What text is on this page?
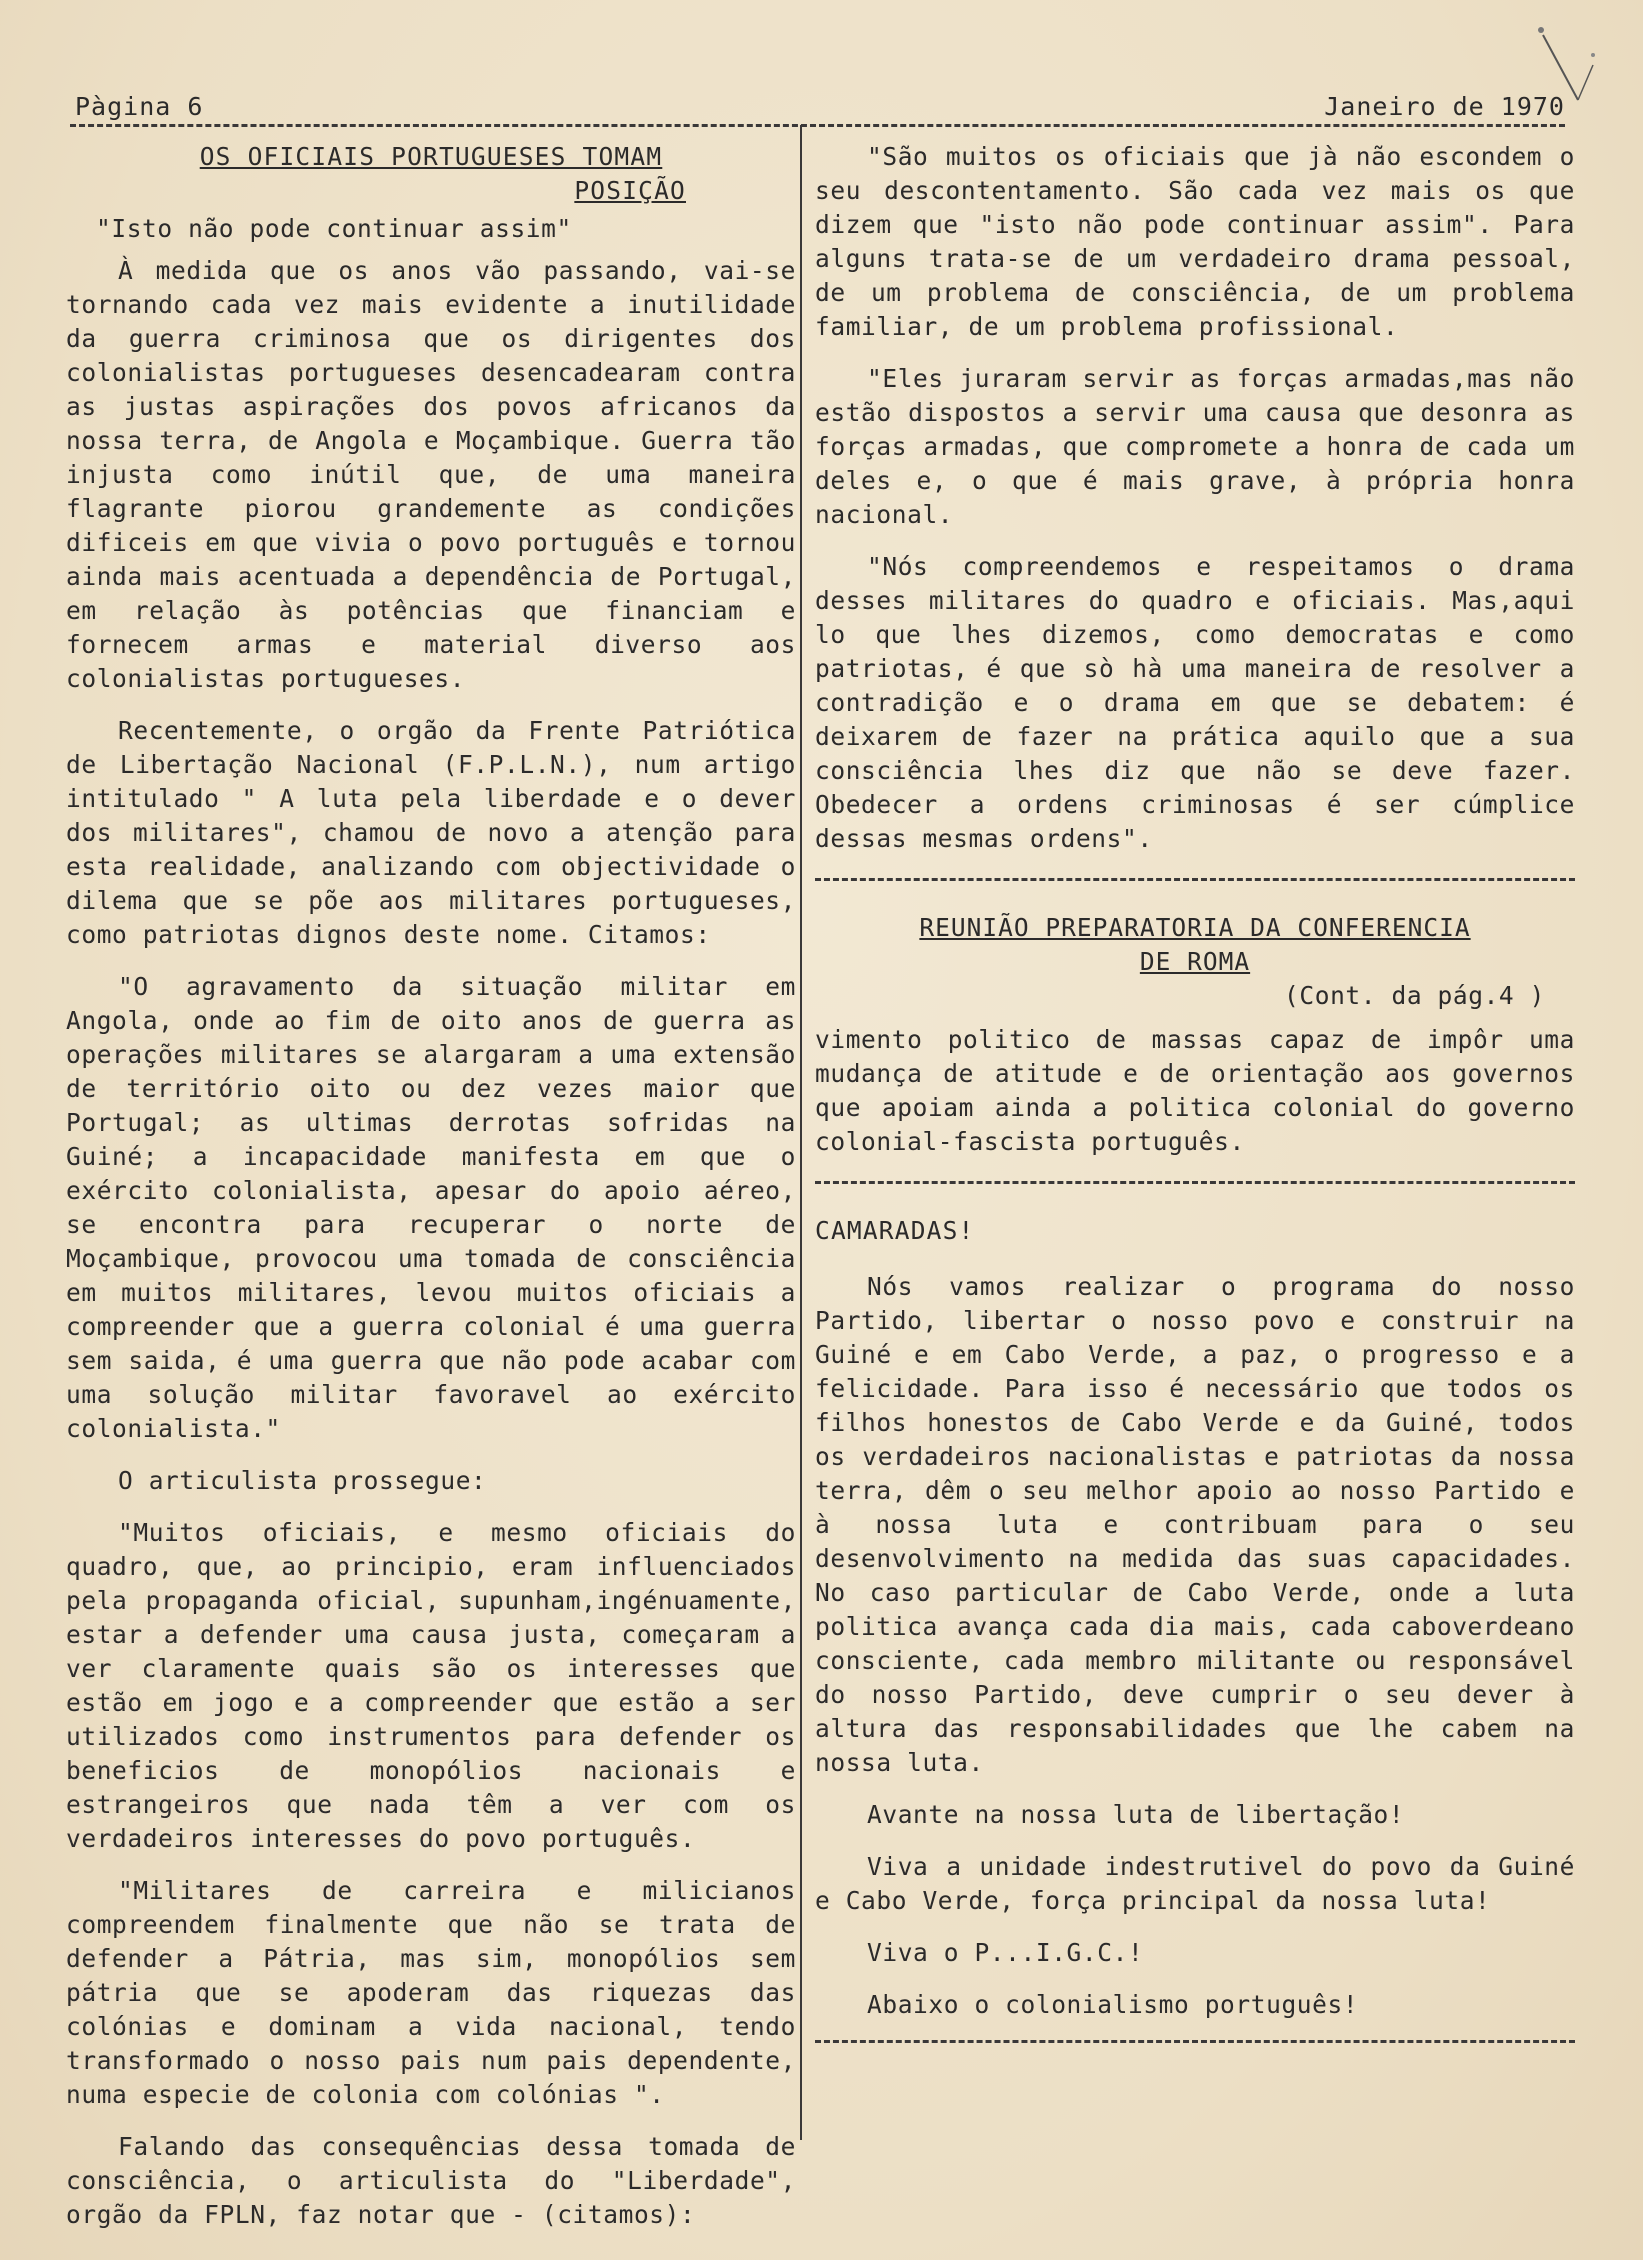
Pàgina 6	Janeiro de 1970
OS OFICIAIS PORTUGUESES TOMAM
POSIÇÃO

"Isto não pode continuar assim"

À medida que os anos vão passando, vai-se tornando cada vez mais evidente a inutilidade da guerra criminosa que os dirigentes dos colonialistas portugueses desencadearam contra as justas aspirações dos povos africanos da nossa terra, de Angola e Moçambique. Guerra tão injusta como inútil que, de uma maneira flagrante piorou grandemente as condições dificeis em que vivia o povo português e tornou ainda mais acentuada a dependência de Portugal, em relação às potências que financiam e fornecem armas e material diverso aos colonialistas portugueses.

Recentemente, o orgão da Frente Patriótica de Libertação Nacional (F.P.L.N.), num artigo intitulado " A luta pela liberdade e o dever dos militares", chamou de novo a atenção para esta realidade, analizando com objectividade o dilema que se põe aos militares portugueses, como patriotas dignos deste nome. Citamos:

"O agravamento da situação militar em Angola, onde ao fim de oito anos de guerra as operações militares se alargaram a uma extensão de território oito ou dez vezes maior que Portugal; as ultimas derrotas sofridas na Guiné; a incapacidade manifesta em que o exército colonialista, apesar do apoio aéreo, se encontra para recuperar o norte de Moçambique, provocou uma tomada de consciência em muitos militares, levou muitos oficiais a compreender que a guerra colonial é uma guerra sem saida, é uma guerra que não pode acabar com uma solução militar favoravel ao exército colonialista."

O articulista prossegue:

"Muitos oficiais, e mesmo oficiais do quadro, que, ao principio, eram influenciados pela propaganda oficial, supunham,ingénuamente, estar a defender uma causa justa, começaram a ver claramente quais são os interesses que estão em jogo e a compreender que estão a ser utilizados como instrumentos para defender os beneficios de monopólios nacionais e estrangeiros que nada têm a ver com os verdadeiros interesses do povo português.

"Militares de carreira e milicianos compreendem finalmente que não se trata de defender a Pátria, mas sim, monopólios sem pátria que se apoderam das riquezas das colónias e dominam a vida nacional, tendo transformado o nosso pais num pais dependente, numa especie de colonia com colónias ".

Falando das consequências dessa tomada de consciência, o articulista do "Liberdade", orgão da FPLN, faz notar que - (citamos):

"São muitos os oficiais que jà não escondem o seu descontentamento. São cada vez mais os que dizem que "isto não pode continuar assim". Para alguns trata-se de um verdadeiro drama pessoal, de um problema de consciência, de um problema familiar, de um problema profissional.

"Eles juraram servir as forças armadas,mas não estão dispostos a servir uma causa que desonra as forças armadas, que compromete a honra de cada um deles e, o que é mais grave, à própria honra nacional.

"Nós compreendemos e respeitamos o drama desses militares do quadro e oficiais. Mas,aqui lo que lhes dizemos, como democratas e como patriotas, é que sò hà uma maneira de resolver a contradição e o drama em que se debatem: é deixarem de fazer na prática aquilo que a sua consciência lhes diz que não se deve fazer. Obedecer a ordens criminosas é ser cúmplice dessas mesmas ordens".

REUNIÃO PREPARATORIA DA CONFERENCIA
DE ROMA
(Cont. da pág.4 )

vimento politico de massas capaz de impôr uma mudança de atitude e de orientação aos governos que apoiam ainda a politica colonial do governo colonial-fascista português.

CAMARADAS!

Nós vamos realizar o programa do nosso Partido, libertar o nosso povo e construir na Guiné e em Cabo Verde, a paz, o progresso e a felicidade. Para isso é necessário que todos os filhos honestos de Cabo Verde e da Guiné, todos os verdadeiros nacionalistas e patriotas da nossa terra, dêm o seu melhor apoio ao nosso Partido e à nossa luta e contribuam para o seu desenvolvimento na medida das suas capacidades. No caso particular de Cabo Verde, onde a luta politica avança cada dia mais, cada caboverdeano consciente, cada membro militante ou responsável do nosso Partido, deve cumprir o seu dever à altura das responsabilidades que lhe cabem na nossa luta.

Avante na nossa luta de libertação!

Viva a unidade indestrutivel do povo da Guiné e Cabo Verde, força principal da nossa luta!

Viva o P...I.G.C.!

Abaixo o colonialismo português!
